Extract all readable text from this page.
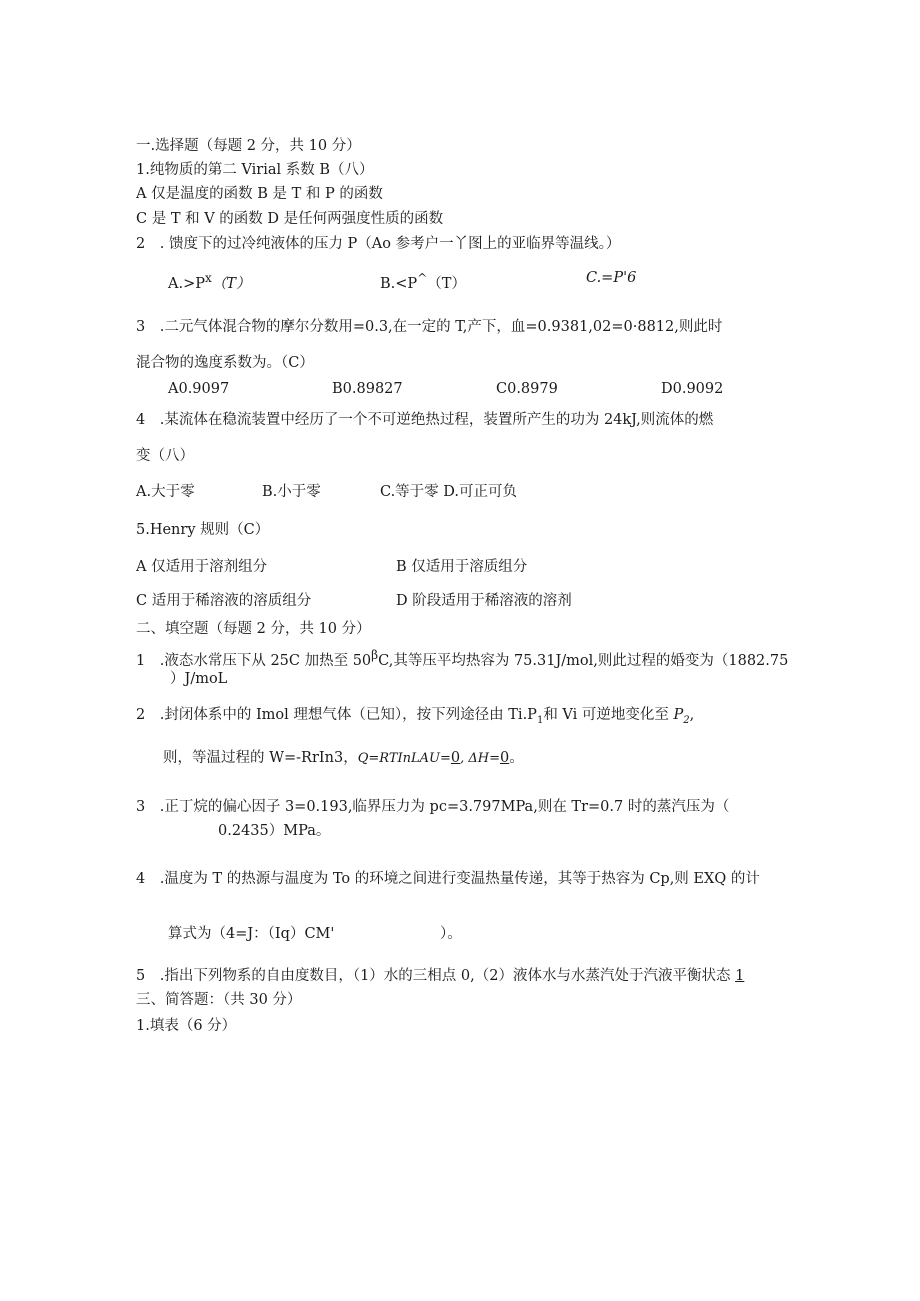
一.选择题（每题 2 分，共 10 分）
1.纯物质的第二 Virial 系数 B（八）
A 仅是温度的函数 B 是 T 和 P 的函数
C 是 T 和 V 的函数 D 是任何两强度性质的函数
2　. 馈度下的过冷纯液体的压力 P（Ao 参考户一丫图上的亚临界等温线。）
$A.>P^x(T)$	B.<P^（T）	C.=P'6
3　.二元气体混合物的摩尔分数用=0.3,在一定的 T,产下，血=0.9381,02=0·8812,则此时
混合物的逸度系数为。（C）
A0.9097	B0.89827	C0.8979	D0.9092
4　.某流体在稳流装置中经历了一个不可逆绝热过程，装置所产生的功为 24kJ,则流体的燃
变（八）
A.大于零	B.小于零	C.等于零 D.可正可负
5.Henry 规则（C）
A 仅适用于溶剂组分	B 仅适用于溶质组分
C 适用于稀溶液的溶质组分	D 阶段适用于稀溶液的溶剂
二、填空题（每题 2 分，共 10 分）
1　.液态水常压下从 25C 加热至 $50^\beta C$,其等压平均热容为 75.31J/mol,则此过程的婚变为（1882.75
）J/moL
2　.封闭体系中的 Imol 理想气体（已知），按下列途径由 $Ti.P_1$和 Vi 可逆地变化至 $P_2$,
则，等温过程的 W=-RrIn3，Q=RTInLAU=0, ΔH=0。
3　.正丁烷的偏心因子 3=0.193,临界压力为 pc=3.797MPa,则在 Tr=0.7 时的蒸汽压为（
0.2435）MPa。
4　.温度为 T 的热源与温度为 To 的环境之间进行变温热量传递，其等于热容为 Cp,则 EXQ 的计
算式为（4=J：（Iq）CM'	）。
5　.指出下列物系的自由度数目，（1）水的三相点 0,（2）液体水与水蒸汽处于汽液平衡状态 1
三、简答题：（共 30 分）
1.填表（6 分）
